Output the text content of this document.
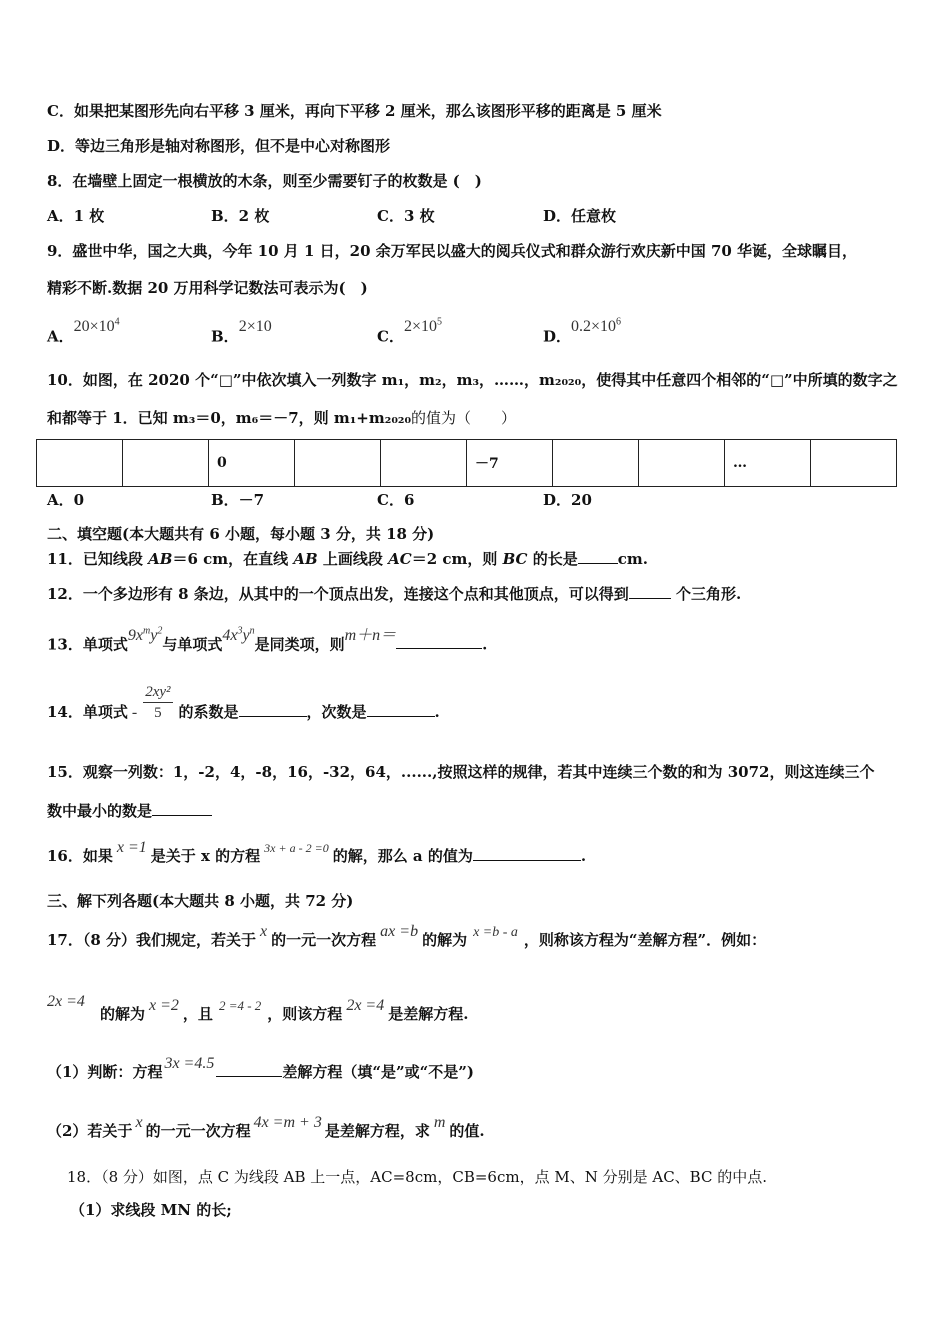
C．如果把某图形先向右平移 3 厘米，再向下平移 2 厘米，那么该图形平移的距离是 5 厘米
D．等边三角形是轴对称图形，但不是中心对称图形
8．在墙壁上固定一根横放的木条，则至少需要钉子的枚数是 (　)
A．1 枚	B．2 枚	C．3 枚	D．任意枚
9．盛世中华，国之大典，今年 10 月 1 日，20 余万军民以盛大的阅兵仪式和群众游行欢庆新中国 70 华诞，全球瞩目，
精彩不断.数据 20 万用科学记数法可表示为(　)
A．$20\times 10^4$
B．2×10
C．$2\times 10^5$
D．$0.2\times 10^6$
10．如图，在 2020 个“□”中依次填入一列数字 m₁，m₂，m₃，……，m₂₀₂₀，使得其中任意四个相邻的“□”中所填的数字之
和都等于 1．已知 m₃＝0，m₆＝－7，则 m₁+m₂₀₂₀的值为（　　）
		0			－7			…	
A．0	B．－7	C．6	D．20
二、填空题(本大题共有 6 小题，每小题 3 分，共 18 分)
11．已知线段 AB＝6 cm，在直线 AB 上画线段 AC＝2 cm，则 BC 的长是	cm.
12．一个多边形有 8 条边，从其中的一个顶点出发，连接这个点和其他顶点，可以得到	个三角形.
13．单项式$9x^my^2$与单项式$4x^3y^n$是同类项，则m＋n＝	.
14．单项式 - $\frac{\text{2xy²}}{5}$ 的系数是	，次数是	.
15．观察一列数：1，-2，4，-8，16，-32，64，......,按照这样的规律，若其中连续三个数的和为 3072，则这连续三个
数中最小的数是
16．如果 x =1 是关于 x 的方程 $^{3x + a - 2 =0}$ 的解，那么 a 的值为	.
三、解下列各题(本大题共 8 小题，共 72 分)
17．（8 分）我们规定，若关于 x 的一元一次方程 ax =b 的解为 x =b - a ，则称该方程为“差解方程”．例如：
2x =4
的解为 x =2 ，且 2 =4 - 2 ，则该方程 2x =4 是差解方程.
（1）判断：方程 3x =4.5	差解方程（填“是”或“不是”)
（2）若关于 x 的一元一次方程 4x =m + 3 是差解方程，求 m 的值.
18．（8 分）如图，点 C 为线段 AB 上一点，AC=8cm，CB=6cm，点 M、N 分别是 AC、BC 的中点.
（1）求线段 MN 的长;
